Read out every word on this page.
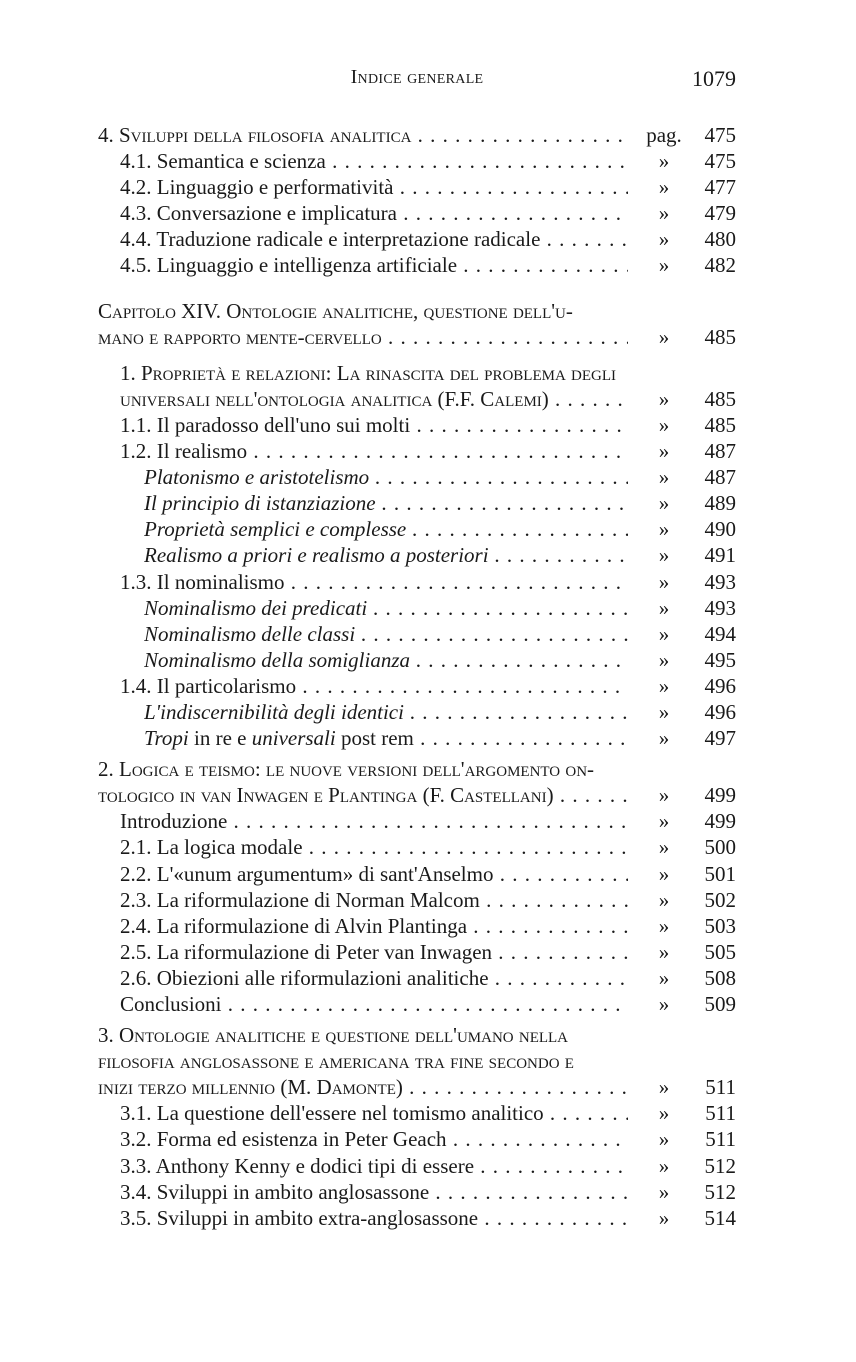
Indice generale	1079
4. Sviluppi della filosofia analitica . . .	pag. 475
4.1. Semantica e scienza . . .	»	475
4.2. Linguaggio e performatività . . .	»	477
4.3. Conversazione e implicatura . . .	»	479
4.4. Traduzione radicale e interpretazione radicale . . .	»	480
4.5. Linguaggio e intelligenza artificiale . . .	»	482
Capitolo XIV. Ontologie analitiche, questione dell'u-
mano e rapporto mente-cervello . . .	»	485
1. Proprietà e relazioni: La rinascita del problema degli
universali nell'ontologia analitica (F.F. Calemi) . . .	»	485
1.1. Il paradosso dell'uno sui molti . . .	»	485
1.2. Il realismo . . .	»	487
Platonismo e aristotelismo . . .	»	487
Il principio di istanziazione . . .	»	489
Proprietà semplici e complesse . . .	»	490
Realismo a priori e realismo a posteriori . . .	»	491
1.3. Il nominalismo . . .	»	493
Nominalismo dei predicati . . .	»	493
Nominalismo delle classi . . .	»	494
Nominalismo della somiglianza . . .	»	495
1.4. Il particolarismo . . .	»	496
L'indiscernibilità degli identici . . .	»	496
Tropi in re e universali post rem . . .	»	497
2. Logica e teismo: le nuove versioni dell'argomento on-
tologico in van Inwagen e Plantinga (F. Castellani) . . .	»	499
Introduzione . . .	»	499
2.1. La logica modale . . .	»	500
2.2. L'«unum argumentum» di sant'Anselmo . . .	»	501
2.3. La riformulazione di Norman Malcom . . .	»	502
2.4. La riformulazione di Alvin Plantinga . . .	»	503
2.5. La riformulazione di Peter van Inwagen . . .	»	505
2.6. Obiezioni alle riformulazioni analitiche . . .	»	508
Conclusioni . . .	»	509
3. Ontologie analitiche e questione dell'umano nella
filosofia anglosassone e americana tra fine secondo e
inizi terzo millennio (M. Damonte) . . .	»	511
3.1. La questione dell'essere nel tomismo analitico . . .	»	511
3.2. Forma ed esistenza in Peter Geach . . .	»	511
3.3. Anthony Kenny e dodici tipi di essere . . .	»	512
3.4. Sviluppi in ambito anglosassone . . .	»	512
3.5. Sviluppi in ambito extra-anglosassone . . .	»	514
